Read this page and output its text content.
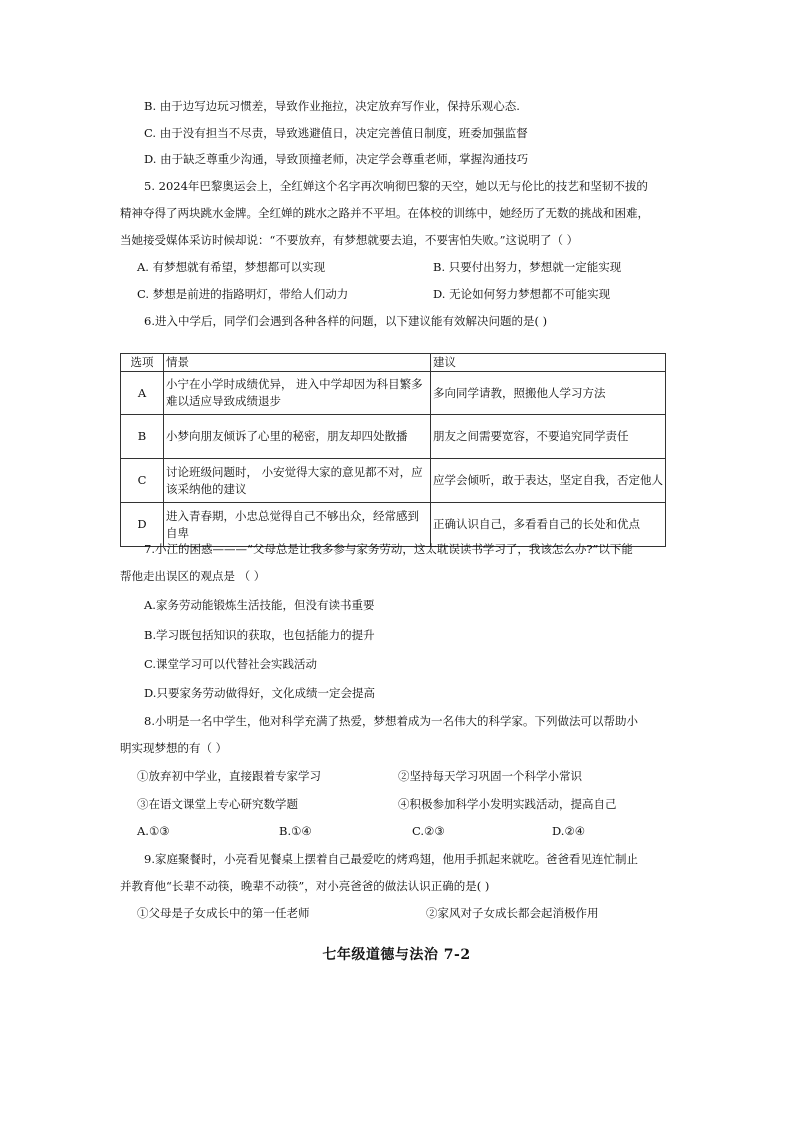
B. 由于边写边玩习惯差，导致作业拖拉，决定放弃写作业，保持乐观心态.
C. 由于没有担当不尽责，导致逃避值日，决定完善值日制度，班委加强监督
D. 由于缺乏尊重少沟通，导致顶撞老师，决定学会尊重老师，掌握沟通技巧
5. 2024年巴黎奥运会上，全红婵这个名字再次响彻巴黎的天空，她以无与伦比的技艺和坚韧不拔的
精神夺得了两块跳水金牌。全红婵的跳水之路并不平坦。在体校的训练中，她经历了无数的挑战和困难，
当她接受媒体采访时候却说：“不要放弃，有梦想就要去追，不要害怕失败。”这说明了（ ）
A. 有梦想就有希望，梦想都可以实现	B. 只要付出努力，梦想就一定能实现
C. 梦想是前进的指路明灯，带给人们动力	D. 无论如何努力梦想都不可能实现
6.进入中学后，同学们会遇到各种各样的问题，以下建议能有效解决问题的是( )
选项	情景	建议
A	小宁在小学时成绩优异， 进入中学却因为科目繁多难以适应导致成绩退步	多向同学请教，照搬他人学习方法
B	小梦向朋友倾诉了心里的秘密，朋友却四处散播	朋友之间需要宽容，不要追究同学责任
C	讨论班级问题时， 小安觉得大家的意见都不对，应该采纳他的建议	应学会倾听，敢于表达，坚定自我，否定他人
D	进入青春期，小忠总觉得自己不够出众，经常感到自卑	正确认识自己，多看看自己的长处和优点
7.小江的困惑———“父母总是让我多参与家务劳动，这太耽误读书学习了，我该怎么办?”以下能
帮他走出误区的观点是 （ ）
A.家务劳动能锻炼生活技能，但没有读书重要
B.学习既包括知识的获取，也包括能力的提升
C.课堂学习可以代替社会实践活动
D.只要家务劳动做得好，文化成绩一定会提高
8.小明是一名中学生，他对科学充满了热爱，梦想着成为一名伟大的科学家。下列做法可以帮助小
明实现梦想的有（ ）
①放弃初中学业，直接跟着专家学习	②坚持每天学习巩固一个科学小常识
③在语文课堂上专心研究数学题	④积极参加科学小发明实践活动，提高自己
A.①③	B.①④	C.②③	D.②④
9.家庭聚餐时，小亮看见餐桌上摆着自己最爱吃的烤鸡翅，他用手抓起来就吃。爸爸看见连忙制止
并教育他“长辈不动筷，晚辈不动筷”，对小亮爸爸的做法认识正确的是( )
①父母是子女成长中的第一任老师	②家风对子女成长都会起消极作用
七年级道德与法治 7-2
